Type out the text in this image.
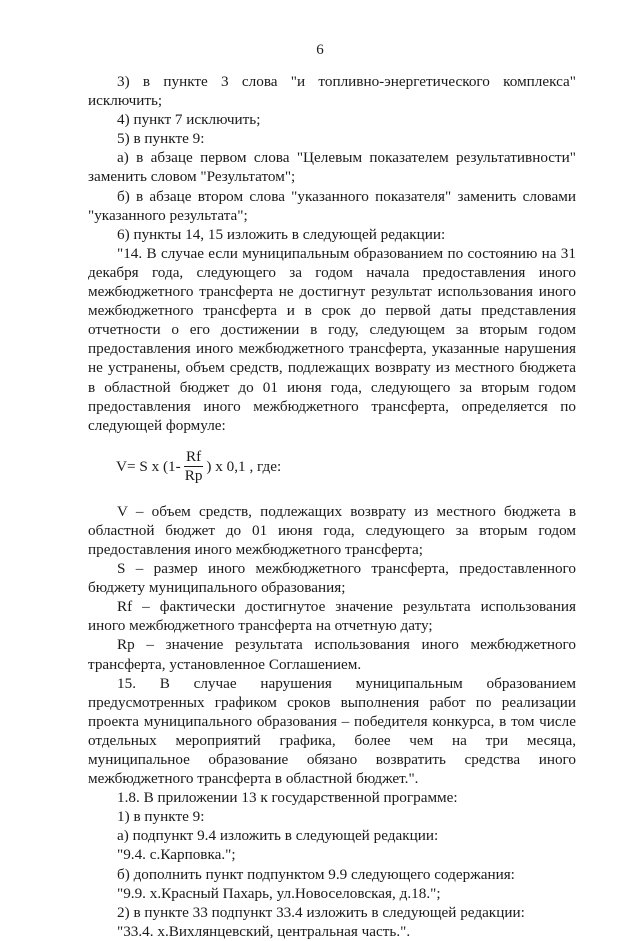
6

3) в пункте 3 слова "и топливно-энергетического комплекса" исключить;

4) пункт 7 исключить;

5) в пункте 9:

а) в абзаце первом слова "Целевым показателем результативности" заменить словом "Результатом";

б) в абзаце втором слова "указанного показателя" заменить словами "указанного результата";

6) пункты 14, 15 изложить в следующей редакции:

"14. В случае если муниципальным образованием по состоянию на 31 декабря года, следующего за годом начала предоставления иного межбюджетного трансферта не достигнут результат использования иного межбюджетного трансферта и в срок до первой даты представления отчетности о его достижении в году, следующем за вторым годом предоставления иного межбюджетного трансферта, указанные нарушения не устранены, объем средств, подлежащих возврату из местного бюджета в областной бюджет до 01 июня года, следующего за вторым годом предоставления иного межбюджетного трансферта, определяется по следующей формуле:

V= S x ($1- \frac{Rf}{Rp}$ ) x 0,1 , где:

V – объем средств, подлежащих возврату из местного бюджета в областной бюджет до 01 июня года, следующего за вторым годом предоставления иного межбюджетного трансферта;

S – размер иного межбюджетного трансферта, предоставленного бюджету муниципального образования;

Rf – фактически достигнутое значение результата использования иного межбюджетного трансферта на отчетную дату;

Rp – значение результата использования иного межбюджетного трансферта, установленное Соглашением.

15. В случае нарушения муниципальным образованием предусмотренных графиком сроков выполнения работ по реализации проекта муниципального образования – победителя конкурса, в том числе отдельных мероприятий графика, более чем на три месяца, муниципальное образование обязано возвратить средства иного межбюджетного трансферта в областной бюджет.".

1.8. В приложении 13 к государственной программе:

1) в пункте 9:

а) подпункт 9.4 изложить в следующей редакции:

"9.4. с.Карповка.";

б) дополнить пункт подпунктом 9.9 следующего содержания:

"9.9. х.Красный Пахарь, ул.Новоселовская, д.18.";

2) в пункте 33 подпункт 33.4 изложить в следующей редакции:

"33.4. х.Вихлянцевский, центральная часть.".
